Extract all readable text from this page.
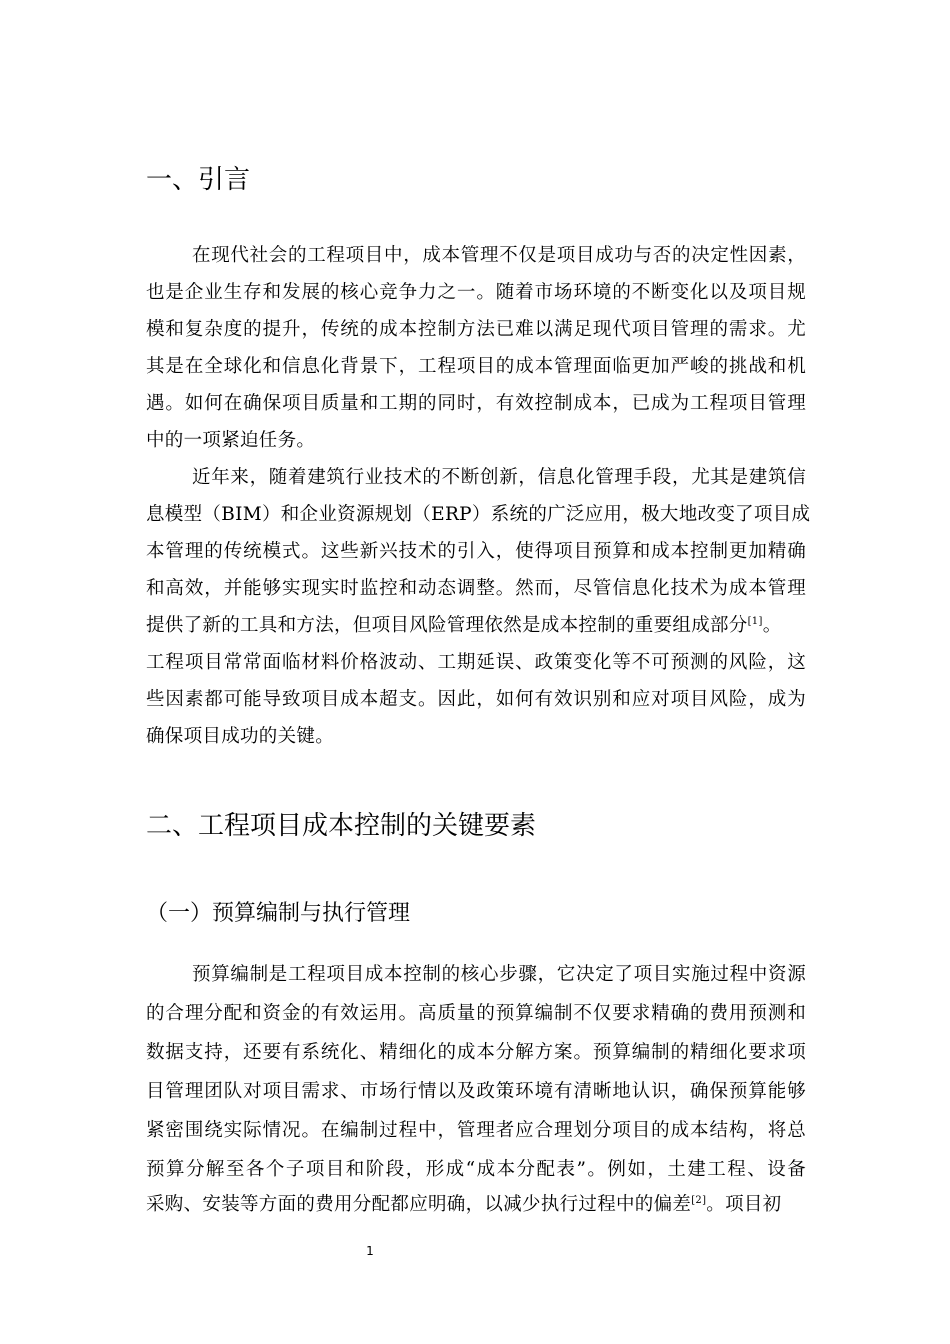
一、引言
在现代社会的工程项目中，成本管理不仅是项目成功与否的决定性因素，
也是企业生存和发展的核心竞争力之一。随着市场环境的不断变化以及项目规
模和复杂度的提升，传统的成本控制方法已难以满足现代项目管理的需求。尤
其是在全球化和信息化背景下，工程项目的成本管理面临更加严峻的挑战和机
遇。如何在确保项目质量和工期的同时，有效控制成本，已成为工程项目管理
中的一项紧迫任务。
近年来，随着建筑行业技术的不断创新，信息化管理手段，尤其是建筑信
息模型（BIM）和企业资源规划（ERP）系统的广泛应用，极大地改变了项目成
本管理的传统模式。这些新兴技术的引入，使得项目预算和成本控制更加精确
和高效，并能够实现实时监控和动态调整。然而，尽管信息化技术为成本管理
提供了新的工具和方法，但项目风险管理依然是成本控制的重要组成部分[1]。
工程项目常常面临材料价格波动、工期延误、政策变化等不可预测的风险，这
些因素都可能导致项目成本超支。因此，如何有效识别和应对项目风险，成为
确保项目成功的关键。
二、工程项目成本控制的关键要素
（一）预算编制与执行管理
预算编制是工程项目成本控制的核心步骤，它决定了项目实施过程中资源
的合理分配和资金的有效运用。高质量的预算编制不仅要求精确的费用预测和
数据支持，还要有系统化、精细化的成本分解方案。预算编制的精细化要求项
目管理团队对项目需求、市场行情以及政策环境有清晰地认识，确保预算能够
紧密围绕实际情况。在编制过程中，管理者应合理划分项目的成本结构，将总
预算分解至各个子项目和阶段，形成“成本分配表”。例如，土建工程、设备
采购、安装等方面的费用分配都应明确，以减少执行过程中的偏差[2]。项目初
1
